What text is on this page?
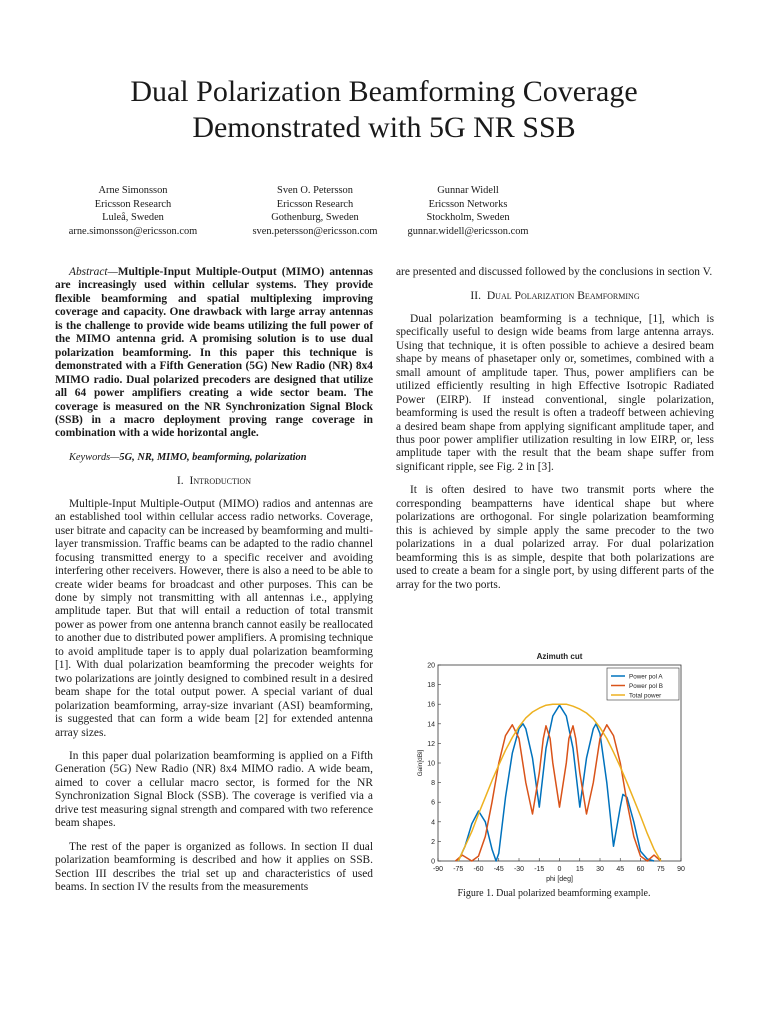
Dual Polarization Beamforming Coverage
Demonstrated with 5G NR SSB
Arne Simonsson
Ericsson Research
Luleå, Sweden
arne.simonsson@ericsson.com
Sven O. Petersson
Ericsson Research
Gothenburg, Sweden
sven.petersson@ericsson.com
Gunnar Widell
Ericsson Networks
Stockholm, Sweden
gunnar.widell@ericsson.com

Abstract—Multiple-Input Multiple-Output (MIMO) antennas are increasingly used within cellular systems. They provide flexible beamforming and spatial multiplexing improving coverage and capacity. One drawback with large array antennas is the challenge to provide wide beams utilizing the full power of the MIMO antenna grid. A promising solution is to use dual polarization beamforming. In this paper this technique is demonstrated with a Fifth Generation (5G) New Radio (NR) 8x4 MIMO radio. Dual polarized precoders are designed that utilize all 64 power amplifiers creating a wide sector beam. The coverage is measured on the NR Synchronization Signal Block (SSB) in a macro deployment proving range coverage in combination with a wide horizontal angle.

Keywords—5G, NR, MIMO, beamforming, polarization

I. Introduction

Multiple-Input Multiple-Output (MIMO) radios and antennas are an established tool within cellular access radio networks. Coverage, user bitrate and capacity can be increased by beamforming and multi-layer transmission. Traffic beams can be adapted to the radio channel focusing transmitted energy to a specific receiver and avoiding interfering other receivers. However, there is also a need to be able to create wider beams for broadcast and other purposes. This can be done by simply not transmitting with all antennas i.e., applying amplitude taper. But that will entail a reduction of total transmit power as power from one antenna branch cannot easily be reallocated to another due to distributed power amplifiers. A promising technique to avoid amplitude taper is to apply dual polarization beamforming [1]. With dual polarization beamforming the precoder weights for two polarizations are jointly designed to combined result in a desired beam shape for the total output power. A special variant of dual polarization beamforming, array-size invariant (ASI) beamforming, is suggested that can form a wide beam [2] for extended antenna array sizes.

In this paper dual polarization beamforming is applied on a Fifth Generation (5G) New Radio (NR) 8x4 MIMO radio. A wide beam, aimed to cover a cellular macro sector, is formed for the NR Synchronization Signal Block (SSB). The coverage is verified via a drive test measuring signal strength and compared with two reference beam shapes.

The rest of the paper is organized as follows. In section II dual polarization beamforming is described and how it applies on SSB. Section III describes the trial set up and characteristics of used beams. In section IV the results from the measurements

are presented and discussed followed by the conclusions in section V.

II. Dual Polarization Beamforming

Dual polarization beamforming is a technique, [1], which is specifically useful to design wide beams from large antenna arrays. Using that technique, it is often possible to achieve a desired beam shape by means of phasetaper only or, sometimes, combined with a small amount of amplitude taper. Thus, power amplifiers can be utilized efficiently resulting in high Effective Isotropic Radiated Power (EIRP). If instead conventional, single polarization, beamforming is used the result is often a tradeoff between achieving a desired beam shape from applying significant amplitude taper, and thus poor power amplifier utilization resulting in low EIRP, or, less amplitude taper with the result that the beam shape suffer from significant ripple, see Fig. 2 in [3].

It is often desired to have two transmit ports where the corresponding beampatterns have identical shape but where polarizations are orthogonal. For single polarization beamforming this is achieved by simple apply the same precoder to the two polarizations in a dual polarized array. For dual polarization beamforming this is as simple, despite that both polarizations are used to create a beam for a single port, by using different parts of the array for the two ports.

Azimuth cut
0
2
4
6
8
10
12
14
16
18
20
-90 -75 -60 -45 -30 -15 0 15 30 45 60 75 90
phi [deg]
Gain[dBi]
Power pol A
Power pol B
Total power
Figure 1. Dual polarized beamforming example.
